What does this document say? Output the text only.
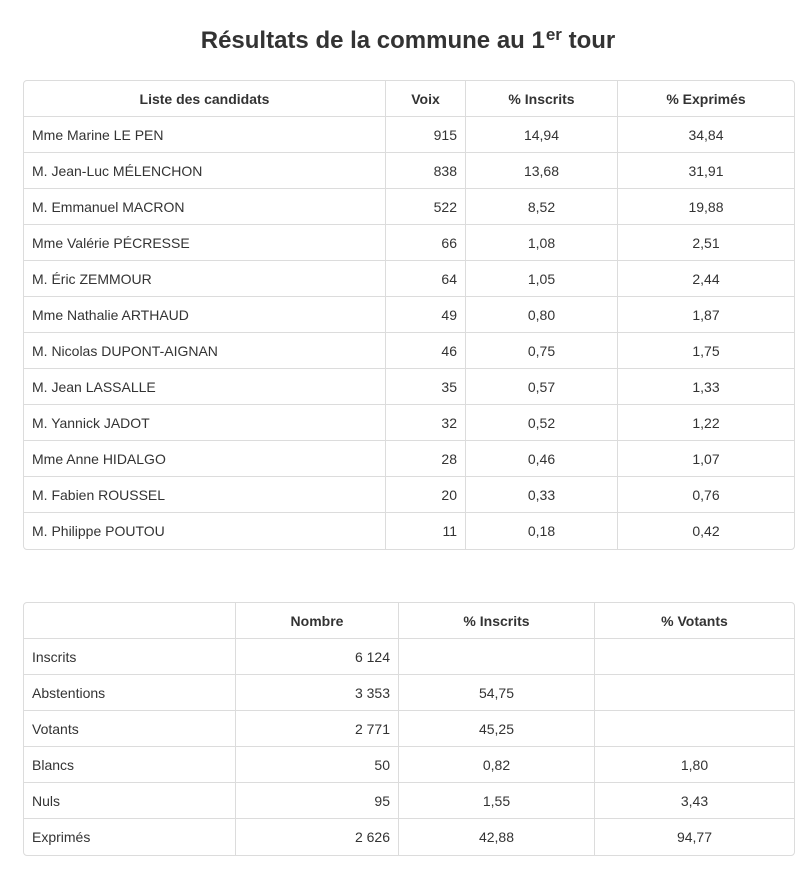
Résultats de la commune au 1er tour
Liste des candidats	Voix	% Inscrits	% Exprimés
Mme Marine LE PEN	915	14,94	34,84
M. Jean-Luc MÉLENCHON	838	13,68	31,91
M. Emmanuel MACRON	522	8,52	19,88
Mme Valérie PÉCRESSE	66	1,08	2,51
M. Éric ZEMMOUR	64	1,05	2,44
Mme Nathalie ARTHAUD	49	0,80	1,87
M. Nicolas DUPONT-AIGNAN	46	0,75	1,75
M. Jean LASSALLE	35	0,57	1,33
M. Yannick JADOT	32	0,52	1,22
Mme Anne HIDALGO	28	0,46	1,07
M. Fabien ROUSSEL	20	0,33	0,76
M. Philippe POUTOU	11	0,18	0,42
	Nombre	% Inscrits	% Votants
Inscrits	6 124		
Abstentions	3 353	54,75	
Votants	2 771	45,25	
Blancs	50	0,82	1,80
Nuls	95	1,55	3,43
Exprimés	2 626	42,88	94,77
